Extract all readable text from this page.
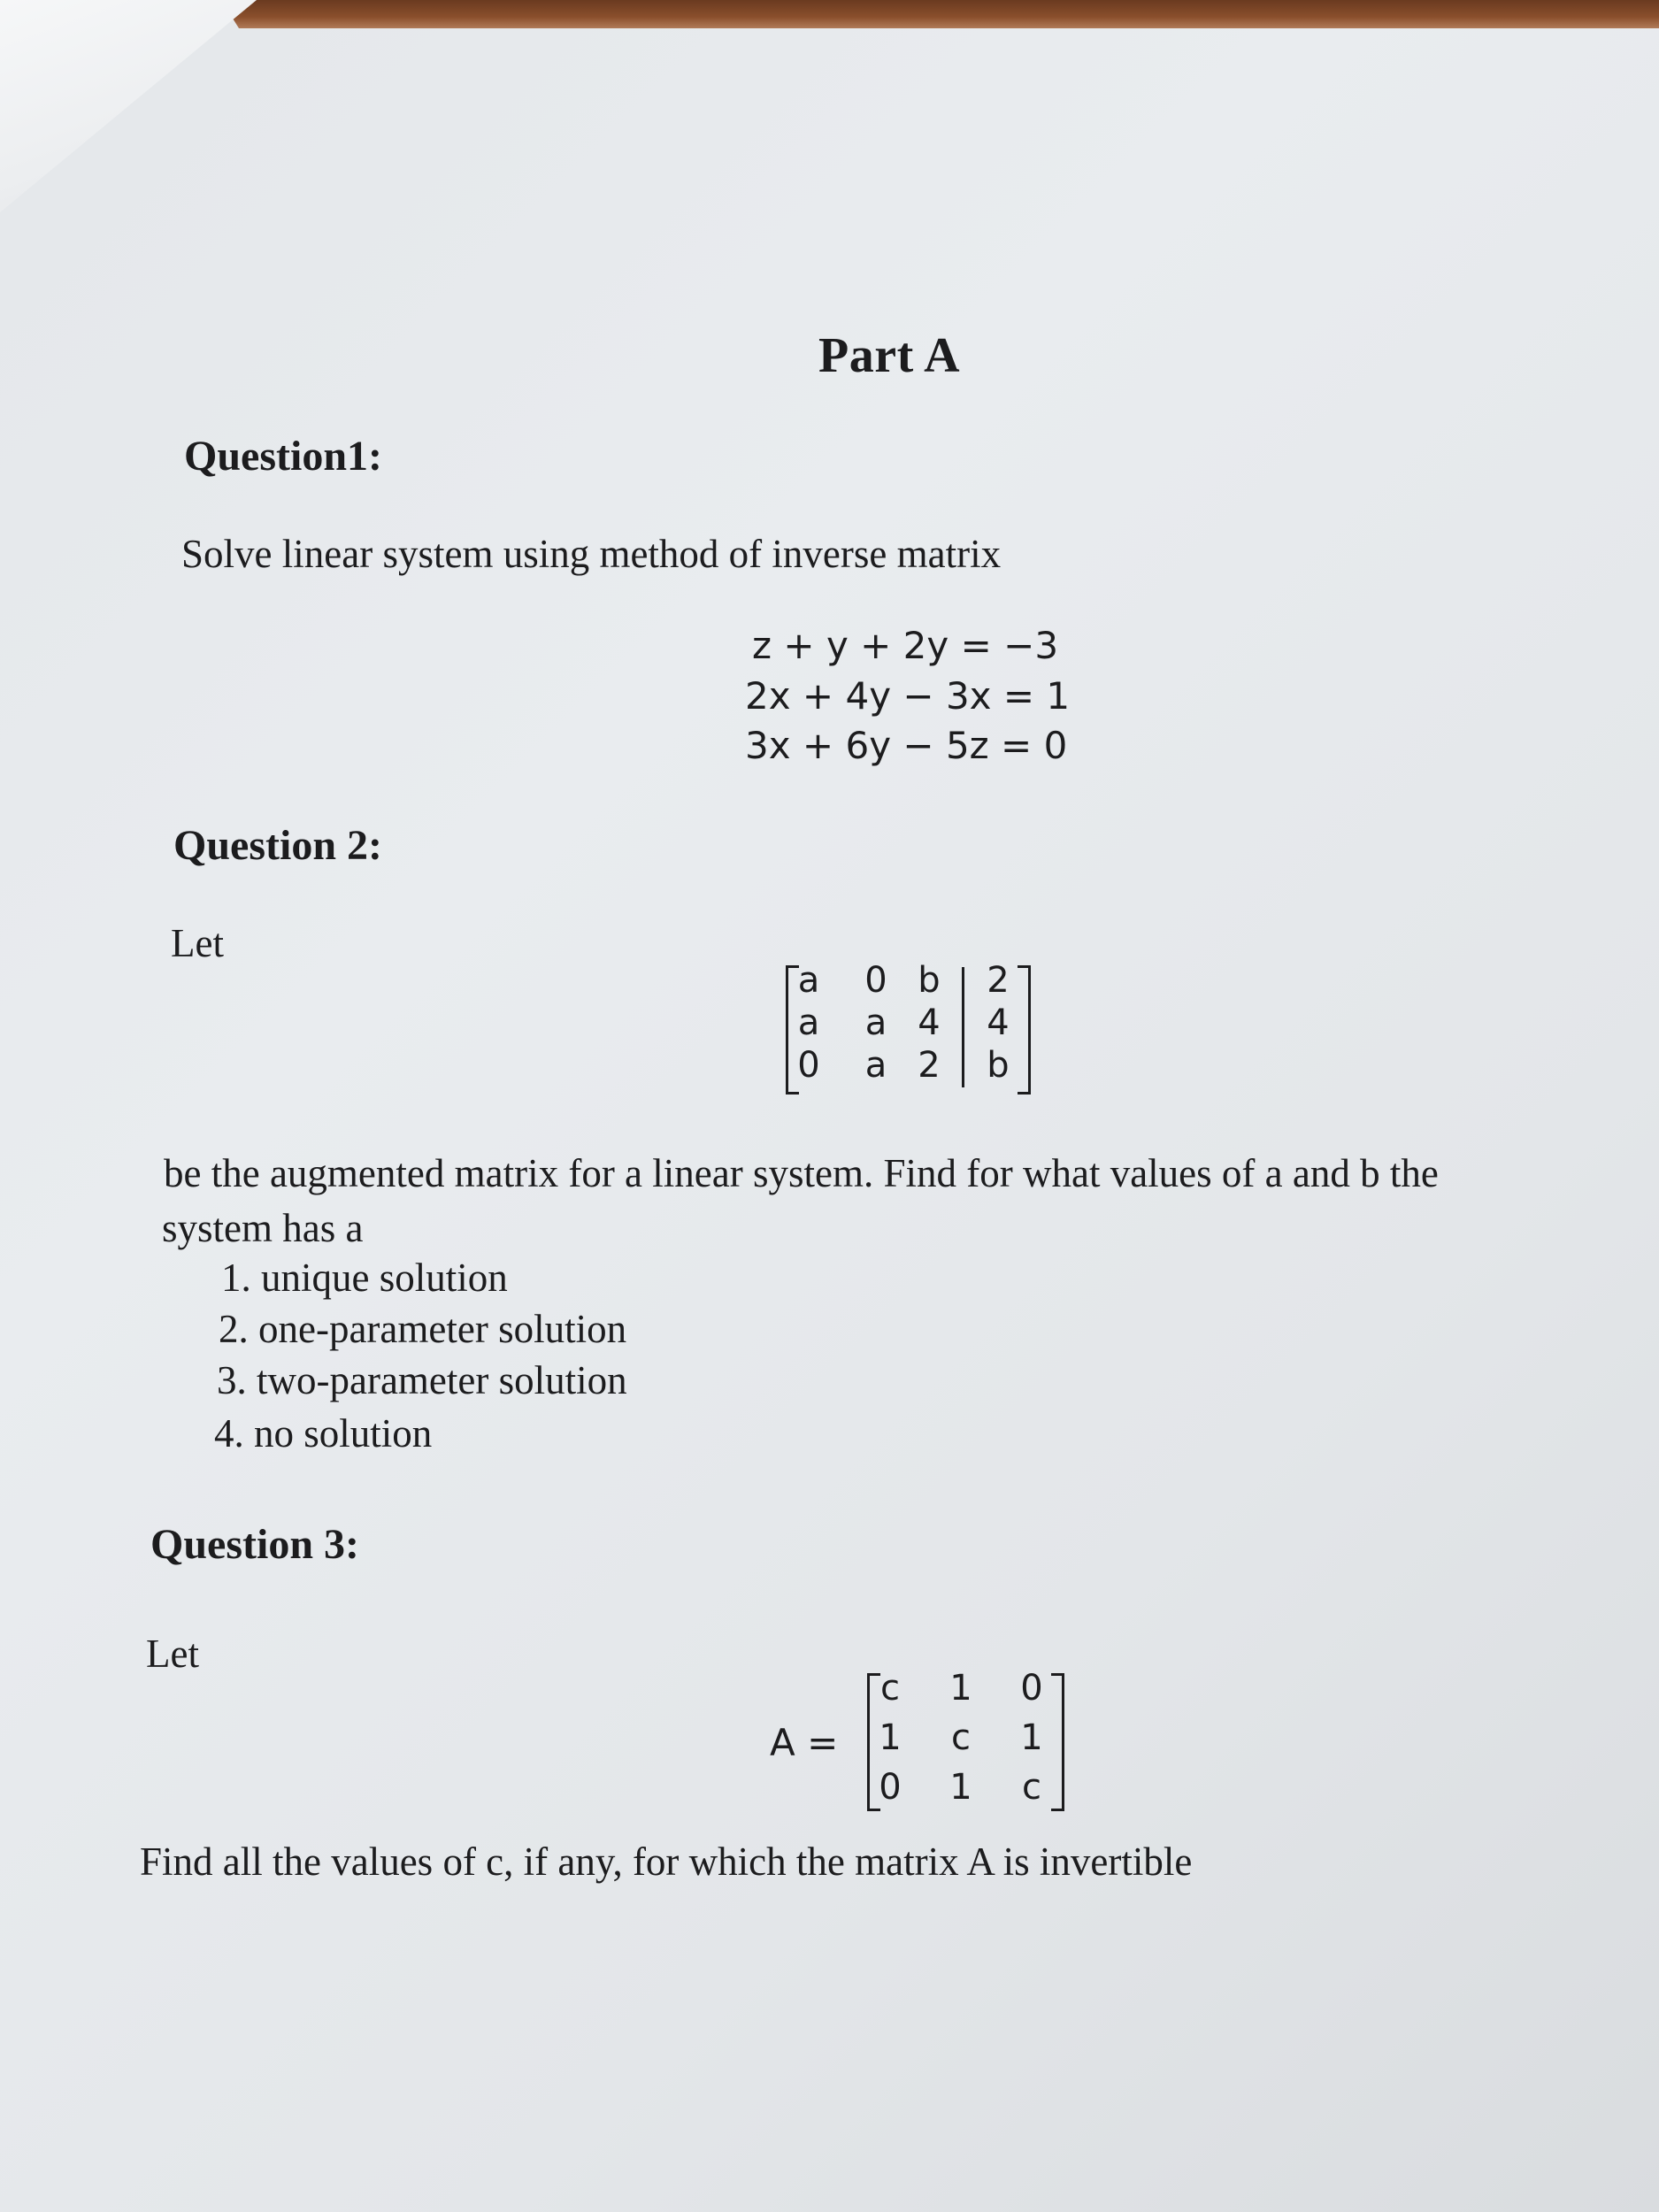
Part A
Question1:
Solve linear system using method of inverse matrix
z + y + 2y = −3
2x + 4y − 3x = 1
3x + 6y − 5z = 0
Question 2:
Let
a 0 b 2
a a 4 4
0 a 2 b
be the augmented matrix for a linear system. Find for what values of a and b the
system has a
1. unique solution
2. one-parameter solution
3. two-parameter solution
4. no solution
Question 3:
Let
A =
c 1 0
1 c 1
0 1 c
Find all the values of c, if any, for which the matrix A is invertible
